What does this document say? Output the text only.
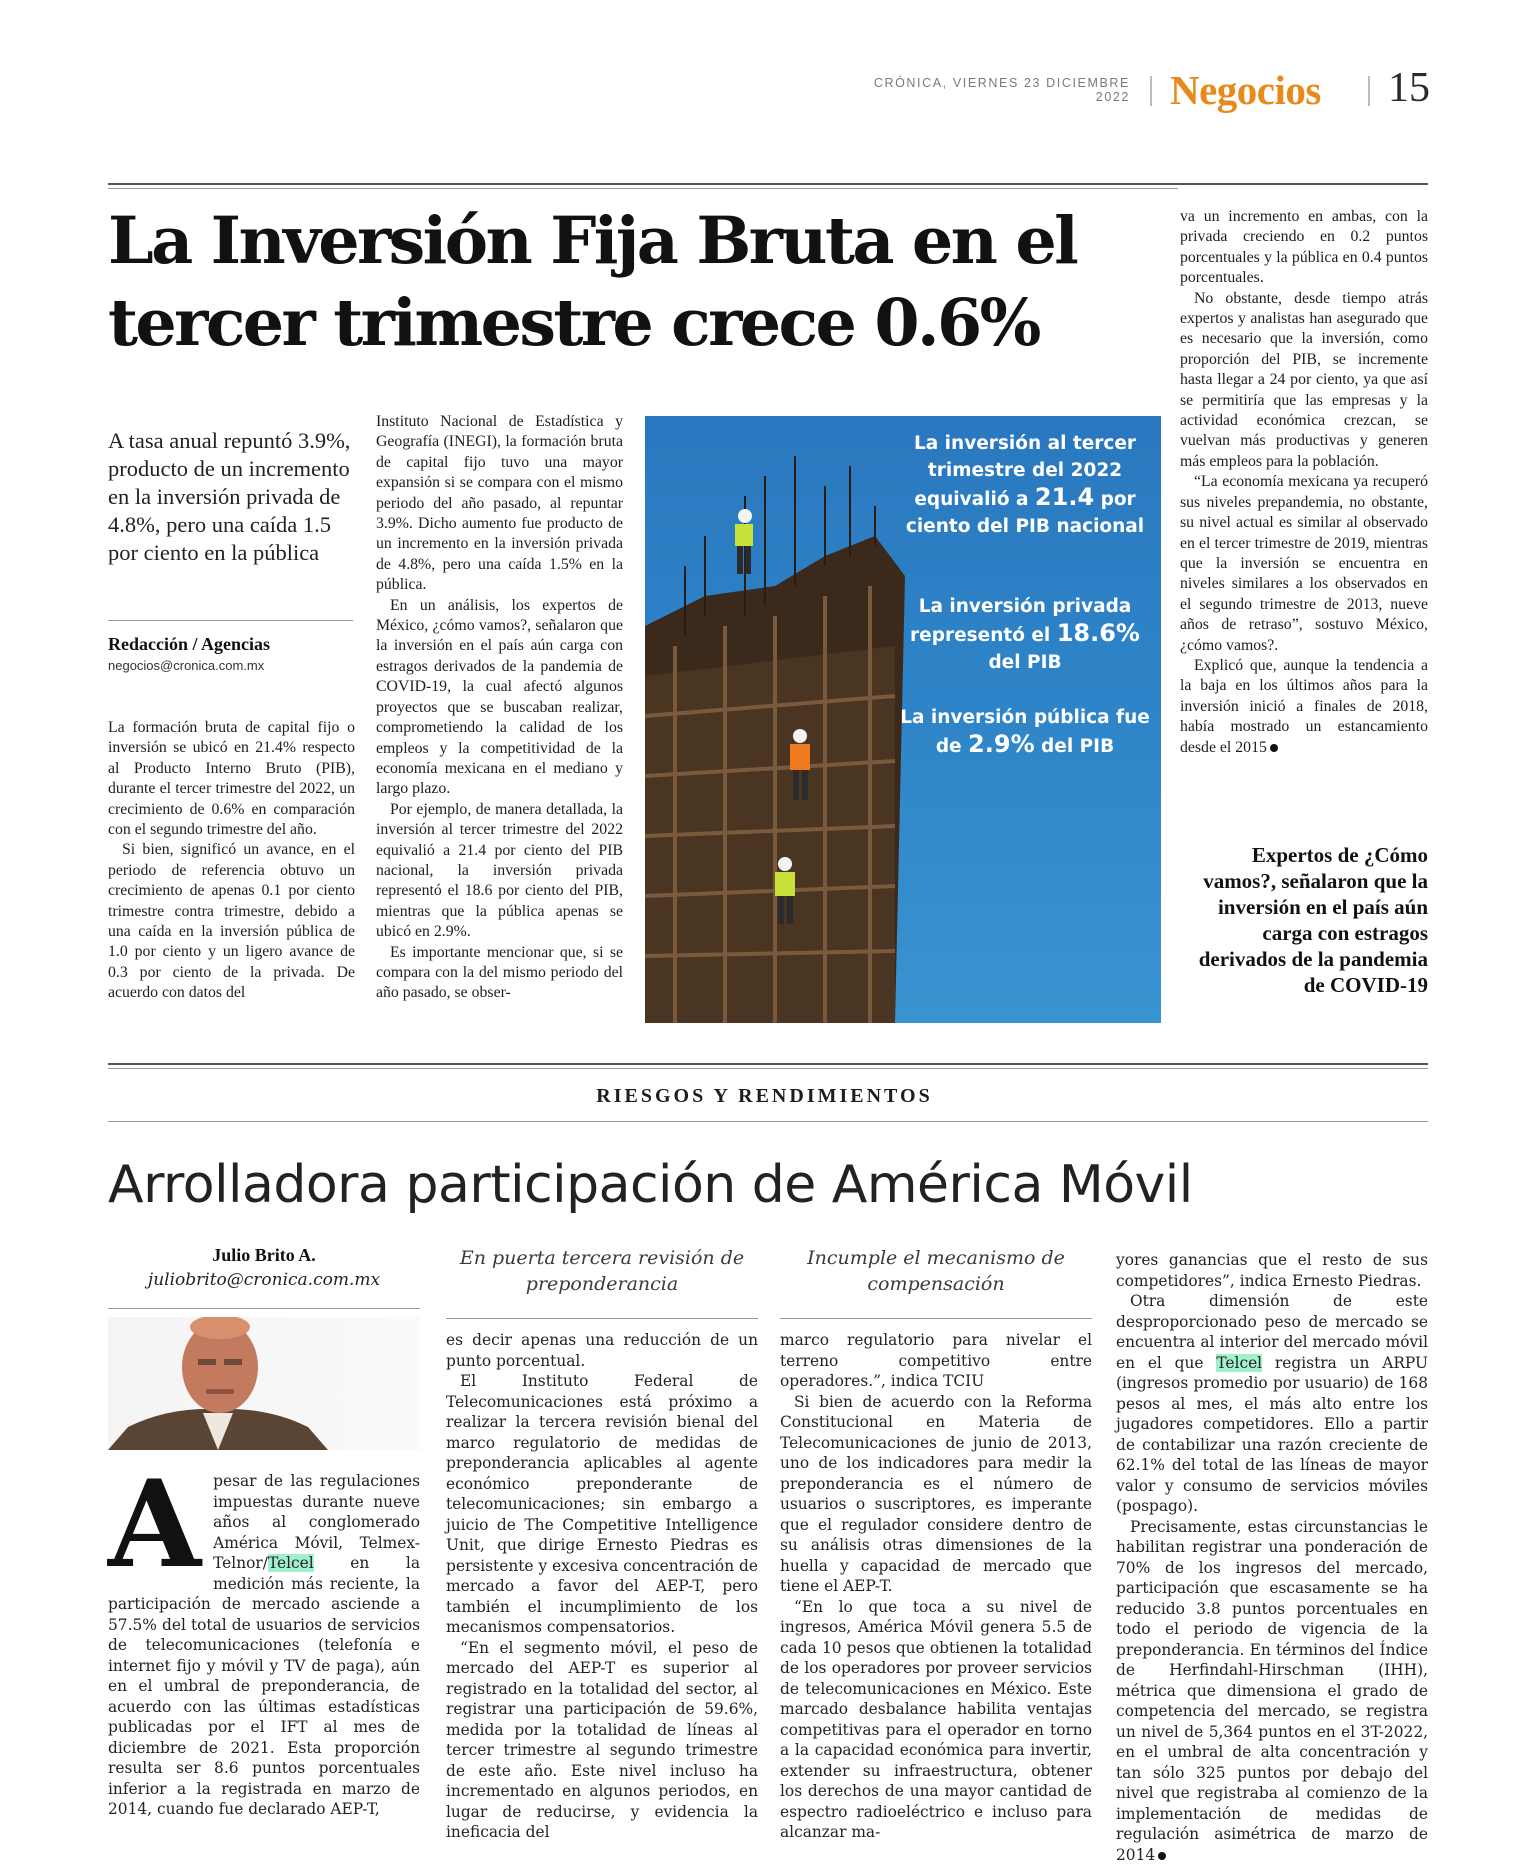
CRÓNICA, VIERNES 23 DICIEMBRE 2022 Negocios 15
La Inversión Fija Bruta en el
tercer trimestre crece 0.6%
A tasa anual repuntó 3.9%, producto de un incremento en la inversión privada de 4.8%, pero una caída 1.5 por ciento en la pública
Redacción / Agencias
negocios@cronica.com.mx

La formación bruta de capital fijo o inversión se ubicó en 21.4% respecto al Producto Interno Bruto (PIB), durante el tercer trimestre del 2022, un crecimiento de 0.6% en comparación con el segundo trimestre del año.

Si bien, significó un avance, en el periodo de referencia obtuvo un crecimiento de apenas 0.1 por ciento trimestre contra trimestre, debido a una caída en la inversión pública de 1.0 por ciento y un ligero avance de 0.3 por ciento de la privada. De acuerdo con datos del

Instituto Nacional de Estadística y Geografía (INEGI), la formación bruta de capital fijo tuvo una mayor expansión si se compara con el mismo periodo del año pasado, al repuntar 3.9%. Dicho aumento fue producto de un incremento en la inversión privada de 4.8%, pero una caída 1.5% en la pública.

En un análisis, los expertos de México, ¿cómo vamos?, señalaron que la inversión en el país aún carga con estragos derivados de la pandemia de COVID-19, la cual afectó algunos proyectos que se buscaban realizar, comprometiendo la calidad de los empleos y la competitividad de la economía mexicana en el mediano y largo plazo.

Por ejemplo, de manera detallada, la inversión al tercer trimestre del 2022 equivalió a 21.4 por ciento del PIB nacional, la inversión privada representó el 18.6 por ciento del PIB, mientras que la pública apenas se ubicó en 2.9%.

Es importante mencionar que, si se compara con la del mismo periodo del año pasado, se obser-

La inversión al tercer trimestre del 2022 equivalió a 21.4 por ciento del PIB nacional
La inversión privada representó el 18.6% del PIB
La inversión pública fue de 2.9% del PIB

va un incremento en ambas, con la privada creciendo en 0.2 puntos porcentuales y la pública en 0.4 puntos porcentuales.

No obstante, desde tiempo atrás expertos y analistas han asegurado que es necesario que la inversión, como proporción del PIB, se incremente hasta llegar a 24 por ciento, ya que así se permitiría que las empresas y la actividad económica crezcan, se vuelvan más productivas y generen más empleos para la población.

“La economía mexicana ya recuperó sus niveles prepandemia, no obstante, su nivel actual es similar al observado en el tercer trimestre de 2019, mientras que la inversión se encuentra en niveles similares a los observados en el segundo trimestre de 2013, nueve años de retraso”, sostuvo México, ¿cómo vamos?.

Explicó que, aunque la tendencia a la baja en los últimos años para la inversión inició a finales de 2018, había mostrado un estancamiento desde el 2015

Expertos de ¿Cómo vamos?, señalaron que la inversión en el país aún carga con estragos derivados de la pandemia de COVID-19
RIESGOS Y RENDIMIENTOS
Arrolladora participación de América Móvil
Julio Brito A.
juliobrito@cronica.com.mx
A pesar de las regulaciones impuestas durante nueve años al conglomerado América Móvil, Telmex-Telnor/Telcel en la medición más reciente, la participación de mercado asciende a 57.5% del total de usuarios de servicios de telecomunicaciones (telefonía e internet fijo y móvil y TV de paga), aún en el umbral de preponderancia, de acuerdo con las últimas estadísticas publicadas por el IFT al mes de diciembre de 2021. Esta proporción resulta ser 8.6 puntos porcentuales inferior a la registrada en marzo de 2014, cuando fue declarado AEP-T,
En puerta tercera revisión de preponderancia

es decir apenas una reducción de un punto porcentual.

El Instituto Federal de Telecomunicaciones está próximo a realizar la tercera revisión bienal del marco regulatorio de medidas de preponderancia aplicables al agente económico preponderante de telecomunicaciones; sin embargo a juicio de The Competitive Intelligence Unit, que dirige Ernesto Piedras es persistente y excesiva concentración de mercado a favor del AEP-T, pero también el incumplimiento de los mecanismos compensatorios.

“En el segmento móvil, el peso de mercado del AEP-T es superior al registrado en la totalidad del sector, al registrar una participación de 59.6%, medida por la totalidad de líneas al tercer trimestre al segundo trimestre de este año. Este nivel incluso ha incrementado en algunos periodos, en lugar de reducirse, y evidencia la ineficacia del

Incumple el mecanismo de compensación

marco regulatorio para nivelar el terreno competitivo entre operadores.”, indica TCIU

Si bien de acuerdo con la Reforma Constitucional en Materia de Telecomunicaciones de junio de 2013, uno de los indicadores para medir la preponderancia es el número de usuarios o suscriptores, es imperante que el regulador considere dentro de su análisis otras dimensiones de la huella y capacidad de mercado que tiene el AEP-T.

“En lo que toca a su nivel de ingresos, América Móvil genera 5.5 de cada 10 pesos que obtienen la totalidad de los operadores por proveer servicios de telecomunicaciones en México. Este marcado desbalance habilita ventajas competitivas para el operador en torno a la capacidad económica para invertir, extender su infraestructura, obtener los derechos de una mayor cantidad de espectro radioeléctrico e incluso para alcanzar ma-

yores ganancias que el resto de sus competidores”, indica Ernesto Piedras.

Otra dimensión de este desproporcionado peso de mercado se encuentra al interior del mercado móvil en el que Telcel registra un ARPU (ingresos promedio por usuario) de 168 pesos al mes, el más alto entre los jugadores competidores. Ello a partir de contabilizar una razón creciente de 62.1% del total de las líneas de mayor valor y consumo de servicios móviles (pospago).

Precisamente, estas circunstancias le habilitan registrar una ponderación de 70% de los ingresos del mercado, participación que escasamente se ha reducido 3.8 puntos porcentuales en todo el periodo de vigencia de la preponderancia. En términos del Índice de Herfindahl-Hirschman (IHH), métrica que dimensiona el grado de competencia del mercado, se registra un nivel de 5,364 puntos en el 3T-2022, en el umbral de alta concentración y tan sólo 325 puntos por debajo del nivel que registraba al comienzo de la implementación de medidas de regulación asimétrica de marzo de 2014
